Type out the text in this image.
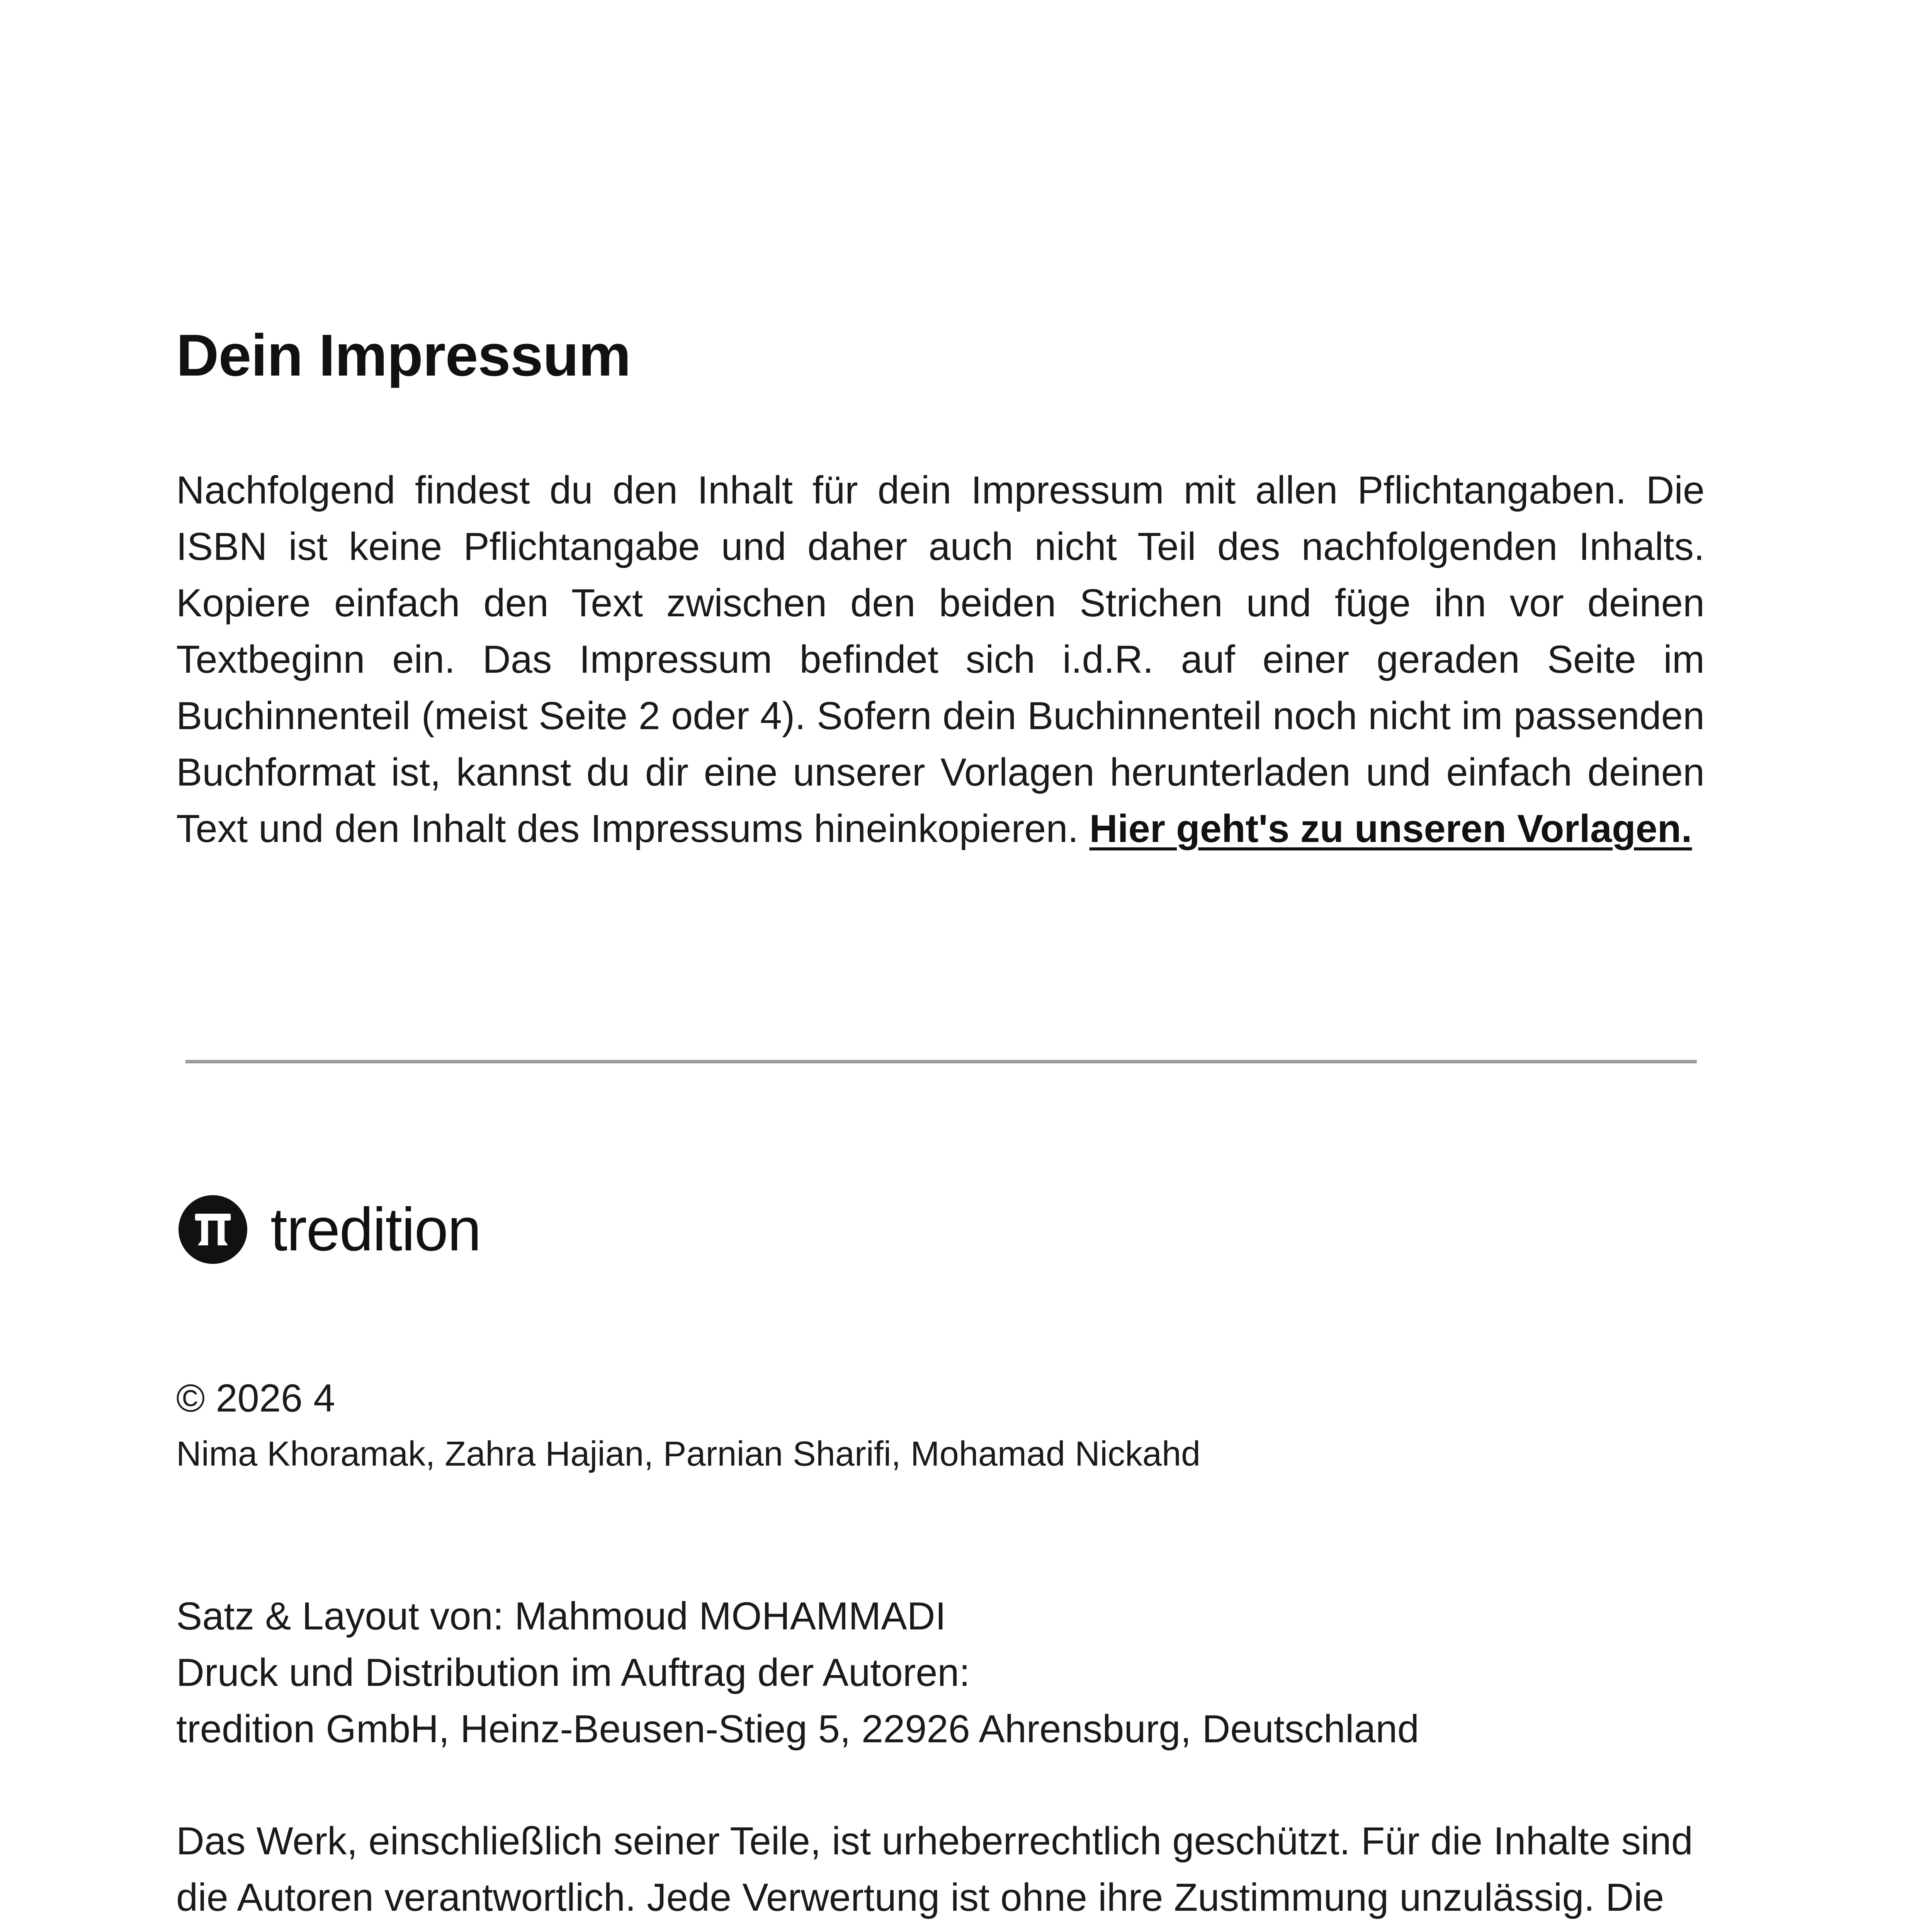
Dein Impressum

Nachfolgend findest du den Inhalt für dein Impressum mit allen Pflichtangaben. Die ISBN ist keine Pflichtangabe und daher auch nicht Teil des nachfolgenden Inhalts. Kopiere einfach den Text zwischen den beiden Strichen und füge ihn vor deinen Textbeginn ein. Das Impressum befindet sich i.d.R. auf einer geraden Seite im Buchinnenteil (meist Seite 2 oder 4). Sofern dein Buchinnenteil noch nicht im passenden Buchformat ist, kannst du dir eine unserer Vorlagen herunterladen und einfach deinen Text und den Inhalt des Impressums hineinkopieren. Hier geht's zu unseren Vorlagen.

tredition

© 2026 4

Nima Khoramak, Zahra Hajian, Parnian Sharifi, Mohamad Nickahd

Satz & Layout von: Mahmoud MOHAMMADI
Druck und Distribution im Auftrag der Autoren:
tredition GmbH, Heinz-Beusen-Stieg 5, 22926 Ahrensburg, Deutschland
Das Werk, einschließlich seiner Teile, ist urheberrechtlich geschützt. Für die Inhalte sind
die Autoren verantwortlich. Jede Verwertung ist ohne ihre Zustimmung unzulässig. Die
